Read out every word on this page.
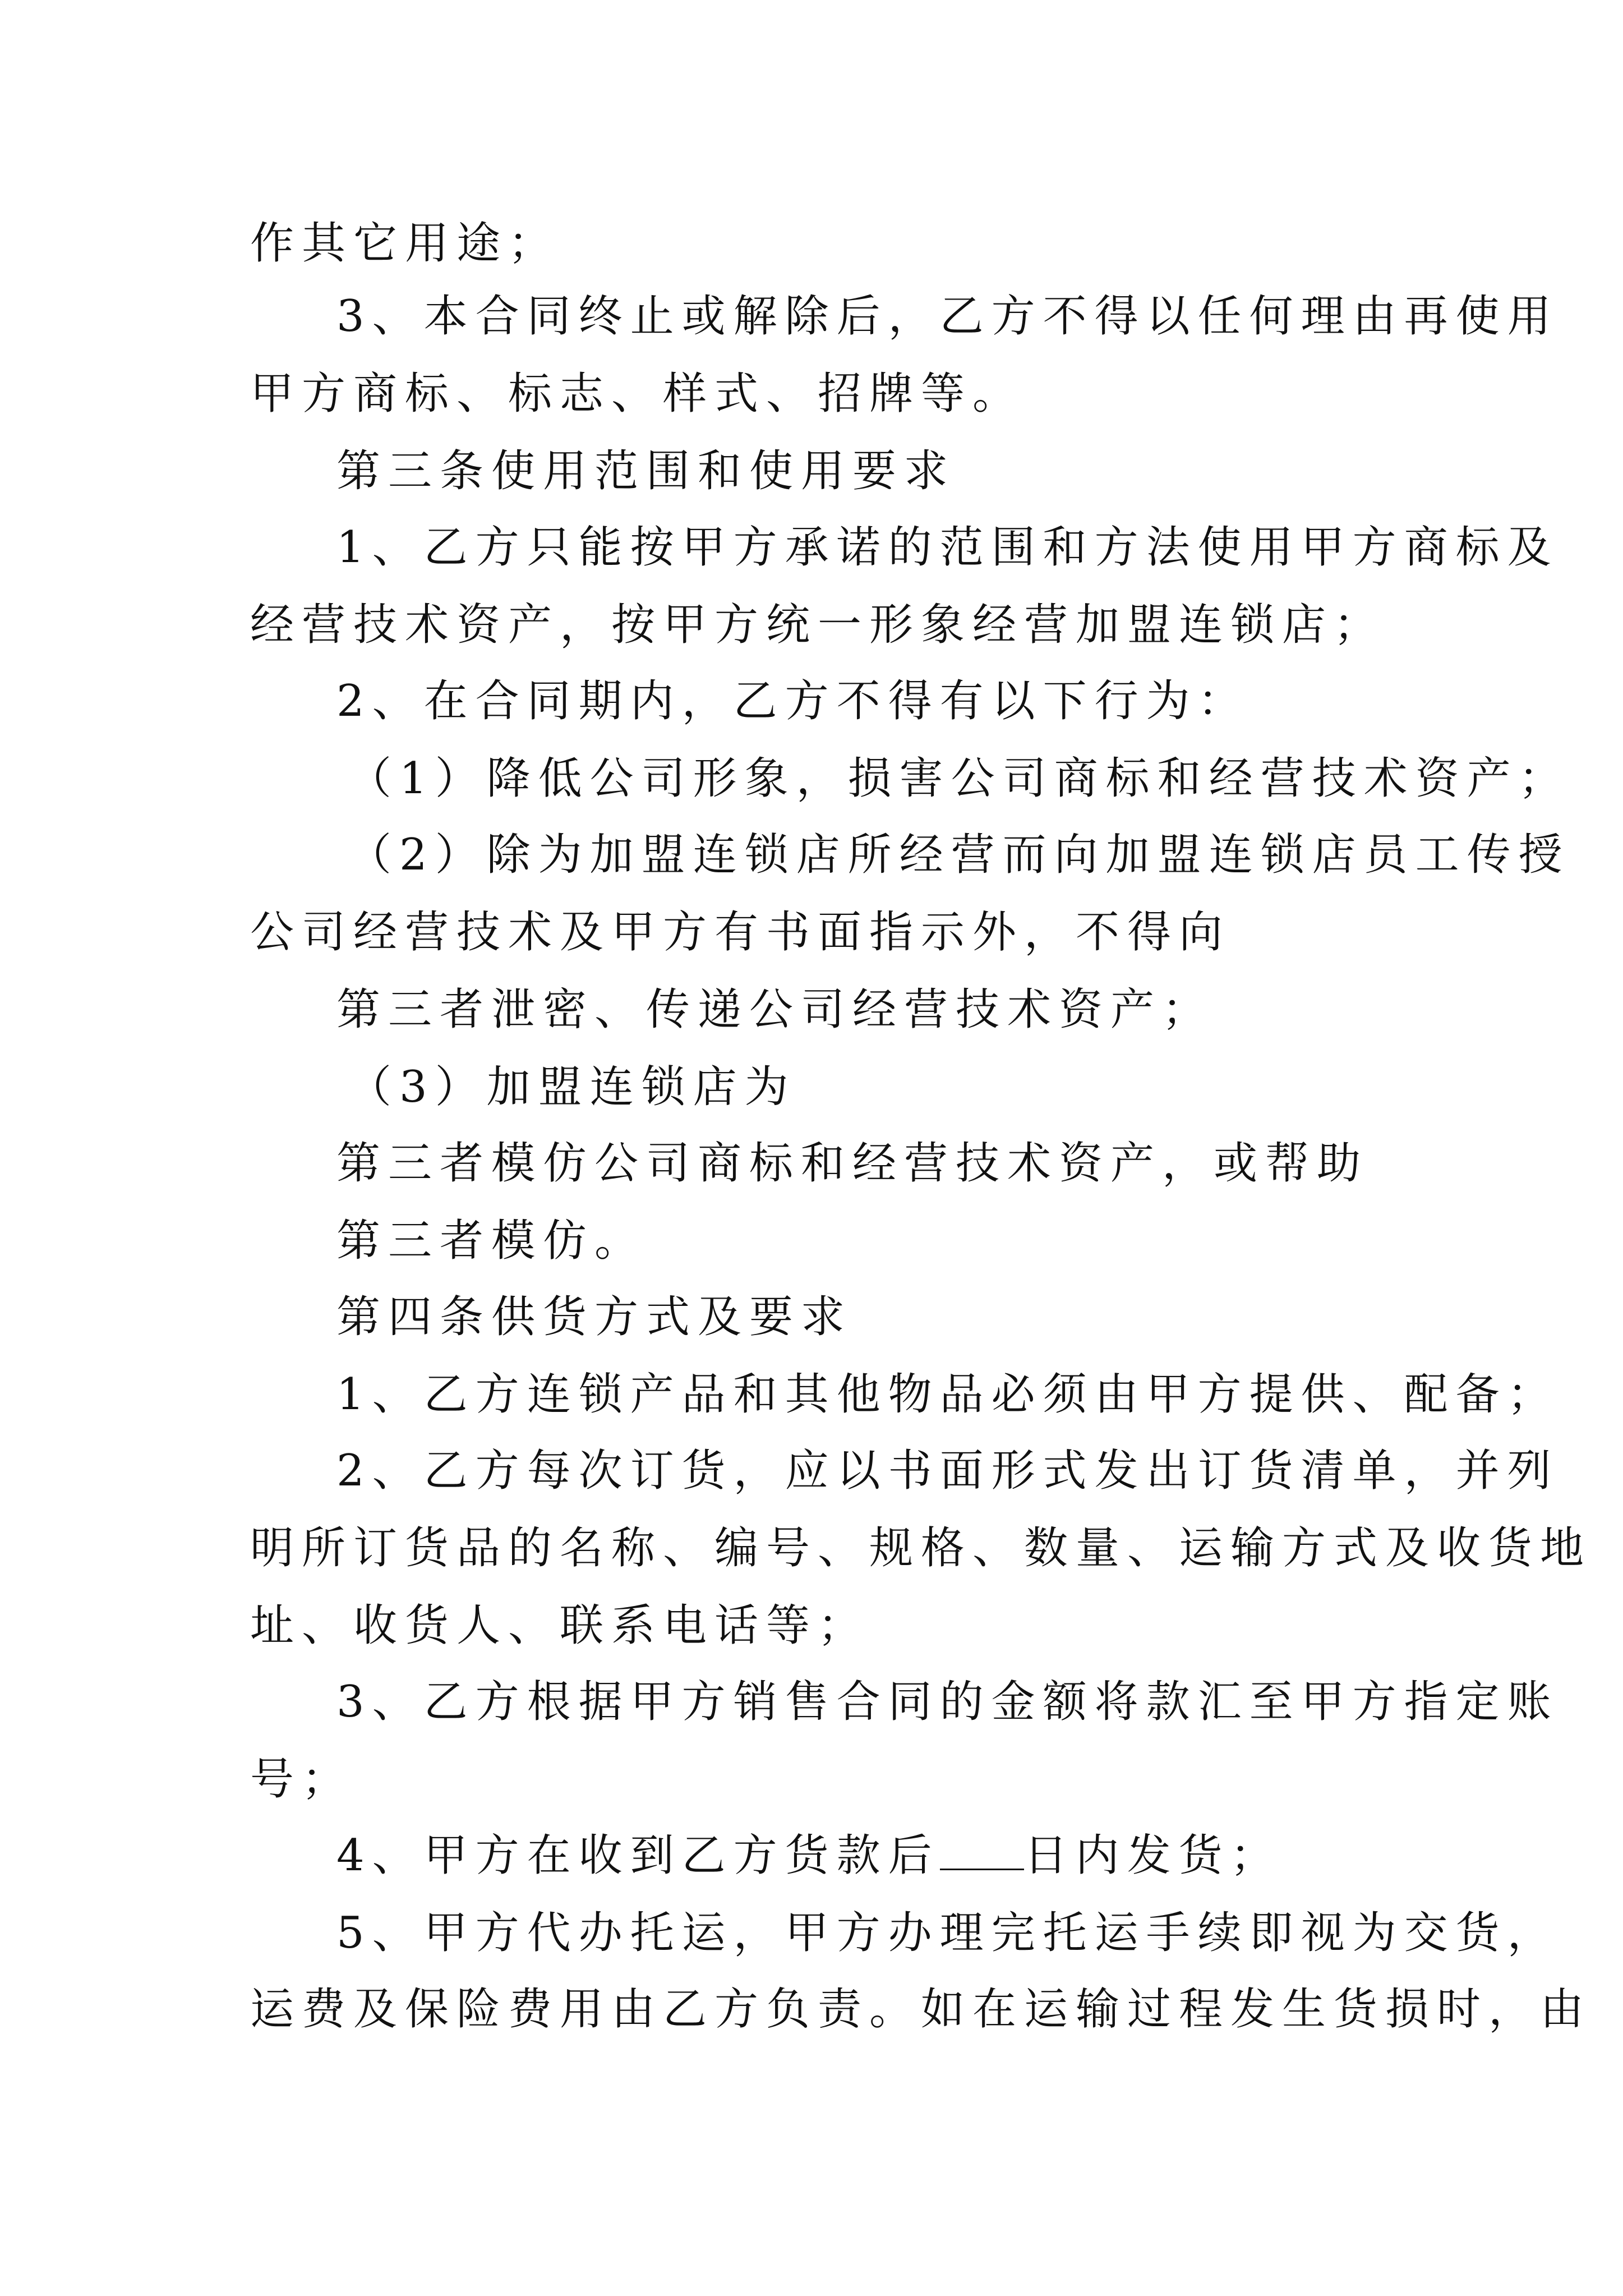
作其它用途；

3、本合同终止或解除后，乙方不得以任何理由再使用

甲方商标、标志、样式、招牌等。

第三条使用范围和使用要求

1、乙方只能按甲方承诺的范围和方法使用甲方商标及

经营技术资产，按甲方统一形象经营加盟连锁店；

2、在合同期内，乙方不得有以下行为：

（1）降低公司形象，损害公司商标和经营技术资产；

（2）除为加盟连锁店所经营而向加盟连锁店员工传授

公司经营技术及甲方有书面指示外，不得向

第三者泄密、传递公司经营技术资产；

（3）加盟连锁店为

第三者模仿公司商标和经营技术资产，或帮助

第三者模仿。

第四条供货方式及要求

1、乙方连锁产品和其他物品必须由甲方提供、配备；

2、乙方每次订货，应以书面形式发出订货清单，并列

明所订货品的名称、编号、规格、数量、运输方式及收货地

址、收货人、联系电话等；

3、乙方根据甲方销售合同的金额将款汇至甲方指定账

号；

4、甲方在收到乙方货款后 日内发货；

5、甲方代办托运，甲方办理完托运手续即视为交货，

运费及保险费用由乙方负责。如在运输过程发生货损时，由
